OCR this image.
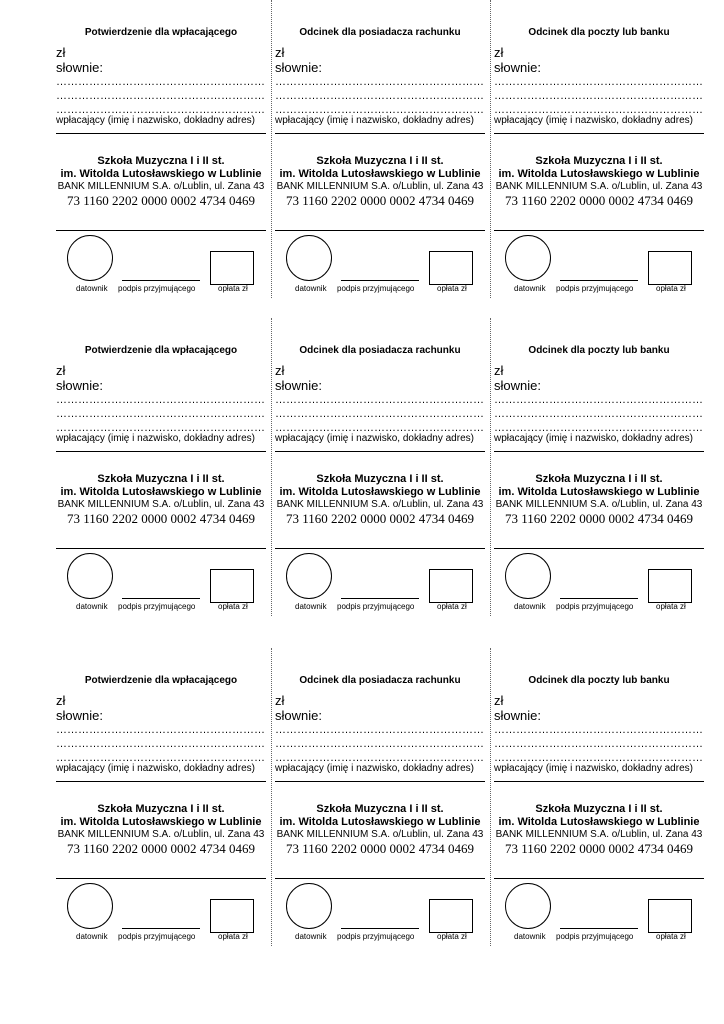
Potwierdzenie dla wpłacającego
zł
słownie:
…………………………………………………
…………………………………………………
…………………………………………………
wpłacający (imię i nazwisko, dokładny adres)
Szkoła Muzyczna I i II st.
im. Witolda Lutosławskiego w Lublinie
BANK MILLENNIUM S.A. o/Lublin, ul. Zana 43
73 1160 2202 0000 0002 4734 0469
datownik podpis przyjmującego	opłata zł
Odcinek dla posiadacza rachunku
zł
słownie:
…………………………………………………
…………………………………………………
…………………………………………………
wpłacający (imię i nazwisko, dokładny adres)
Szkoła Muzyczna I i II st.
im. Witolda Lutosławskiego w Lublinie
BANK MILLENNIUM S.A. o/Lublin, ul. Zana 43
73 1160 2202 0000 0002 4734 0469
datownik podpis przyjmującego	opłata zł
Odcinek dla poczty lub banku
zł
słownie:
…………………………………………………
…………………………………………………
…………………………………………………
wpłacający (imię i nazwisko, dokładny adres)
Szkoła Muzyczna I i II st.
im. Witolda Lutosławskiego w Lublinie
BANK MILLENNIUM S.A. o/Lublin, ul. Zana 43
73 1160 2202 0000 0002 4734 0469
datownik podpis przyjmującego	opłata zł
Potwierdzenie dla wpłacającego
zł
słownie:
…………………………………………………
…………………………………………………
…………………………………………………
wpłacający (imię i nazwisko, dokładny adres)
Szkoła Muzyczna I i II st.
im. Witolda Lutosławskiego w Lublinie
BANK MILLENNIUM S.A. o/Lublin, ul. Zana 43
73 1160 2202 0000 0002 4734 0469
datownik podpis przyjmującego	opłata zł
Odcinek dla posiadacza rachunku
zł
słownie:
…………………………………………………
…………………………………………………
…………………………………………………
wpłacający (imię i nazwisko, dokładny adres)
Szkoła Muzyczna I i II st.
im. Witolda Lutosławskiego w Lublinie
BANK MILLENNIUM S.A. o/Lublin, ul. Zana 43
73 1160 2202 0000 0002 4734 0469
datownik podpis przyjmującego	opłata zł
Odcinek dla poczty lub banku
zł
słownie:
…………………………………………………
…………………………………………………
…………………………………………………
wpłacający (imię i nazwisko, dokładny adres)
Szkoła Muzyczna I i II st.
im. Witolda Lutosławskiego w Lublinie
BANK MILLENNIUM S.A. o/Lublin, ul. Zana 43
73 1160 2202 0000 0002 4734 0469
datownik podpis przyjmującego	opłata zł
Potwierdzenie dla wpłacającego
zł
słownie:
…………………………………………………
…………………………………………………
…………………………………………………
wpłacający (imię i nazwisko, dokładny adres)
Szkoła Muzyczna I i II st.
im. Witolda Lutosławskiego w Lublinie
BANK MILLENNIUM S.A. o/Lublin, ul. Zana 43
73 1160 2202 0000 0002 4734 0469
datownik podpis przyjmującego	opłata zł
Odcinek dla posiadacza rachunku
zł
słownie:
…………………………………………………
…………………………………………………
…………………………………………………
wpłacający (imię i nazwisko, dokładny adres)
Szkoła Muzyczna I i II st.
im. Witolda Lutosławskiego w Lublinie
BANK MILLENNIUM S.A. o/Lublin, ul. Zana 43
73 1160 2202 0000 0002 4734 0469
datownik podpis przyjmującego	opłata zł
Odcinek dla poczty lub banku
zł
słownie:
…………………………………………………
…………………………………………………
…………………………………………………
wpłacający (imię i nazwisko, dokładny adres)
Szkoła Muzyczna I i II st.
im. Witolda Lutosławskiego w Lublinie
BANK MILLENNIUM S.A. o/Lublin, ul. Zana 43
73 1160 2202 0000 0002 4734 0469
datownik podpis przyjmującego	opłata zł
